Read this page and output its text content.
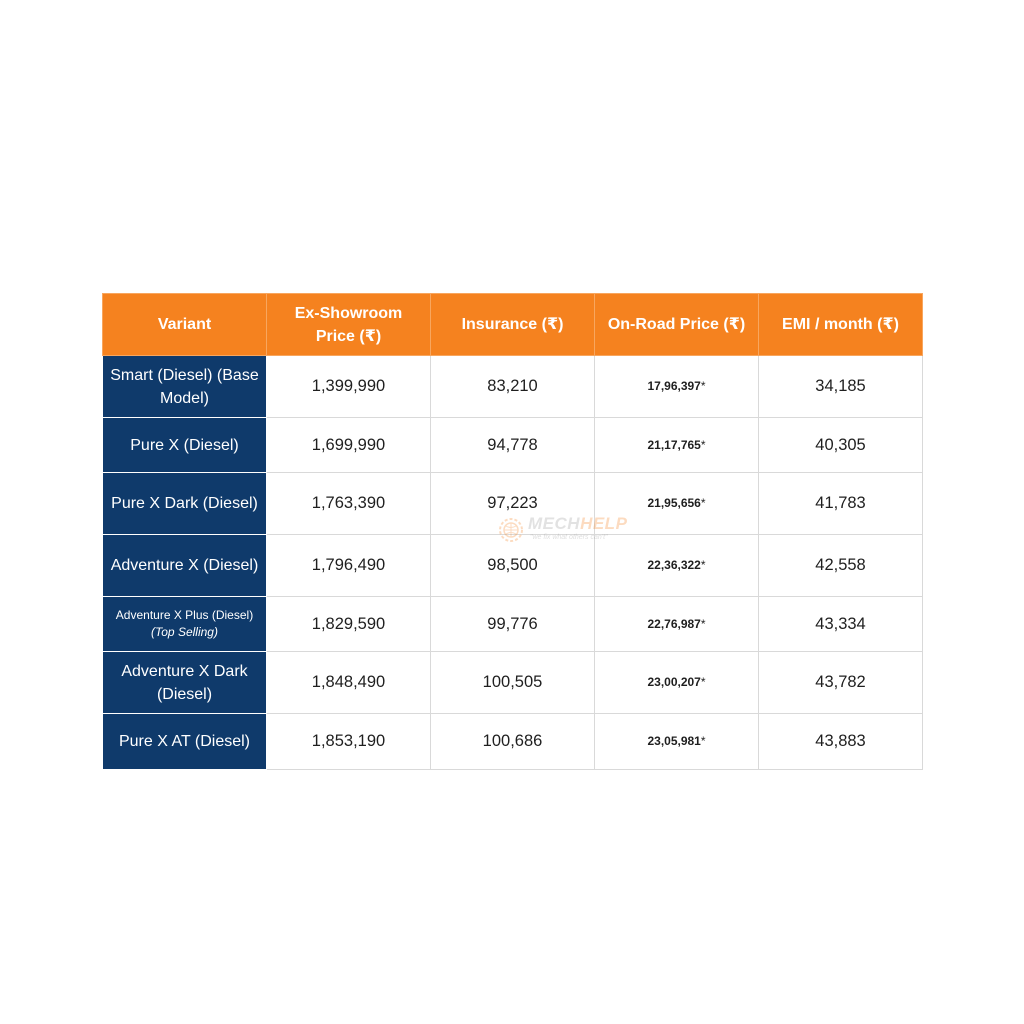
Variant	Ex-Showroom Price (₹)	Insurance (₹)	On-Road Price (₹)	EMI / month (₹)
Smart (Diesel) (Base Model)	1,399,990	83,210	17,96,397*	34,185
Pure X (Diesel)	1,699,990	94,778	21,17,765*	40,305
Pure X Dark (Diesel)	1,763,390	97,223	21,95,656*	41,783
Adventure X (Diesel)	1,796,490	98,500	22,36,322*	42,558
Adventure X Plus (Diesel) (Top Selling)	1,829,590	99,776	22,76,987*	43,334
Adventure X Dark (Diesel)	1,848,490	100,505	23,00,207*	43,782
Pure X AT (Diesel)	1,853,190	100,686	23,05,981*	43,883
MECHHELP
"we fix what others can't"
